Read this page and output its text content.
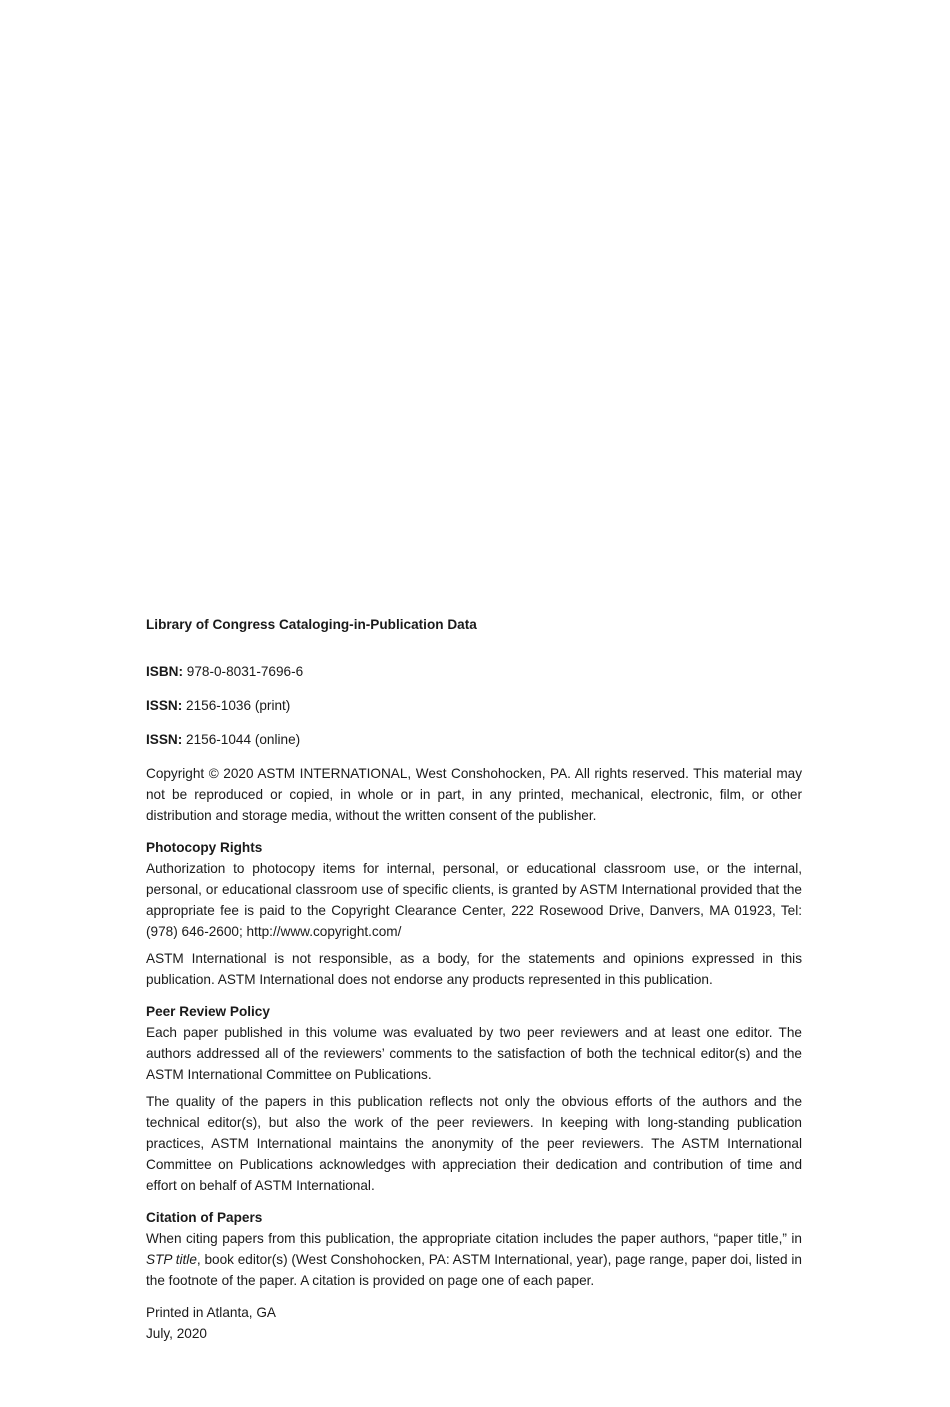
Library of Congress Cataloging-in-Publication Data

ISBN: 978-0-8031-7696-6
ISSN: 2156-1036 (print)
ISSN: 2156-1044 (online)

Copyright © 2020 ASTM INTERNATIONAL, West Conshohocken, PA. All rights reserved. This material may not be reproduced or copied, in whole or in part, in any printed, mechanical, electronic, film, or other distribution and storage media, without the written consent of the publisher.

Photocopy Rights

Authorization to photocopy items for internal, personal, or educational classroom use, or the internal, personal, or educational classroom use of specific clients, is granted by ASTM International provided that the appropriate fee is paid to the Copyright Clearance Center, 222 Rosewood Drive, Danvers, MA 01923, Tel: (978) 646-2600; http://www.copyright.com/

ASTM International is not responsible, as a body, for the statements and opinions expressed in this publication. ASTM International does not endorse any products represented in this publication.

Peer Review Policy

Each paper published in this volume was evaluated by two peer reviewers and at least one editor. The authors addressed all of the reviewers’ comments to the satisfaction of both the technical editor(s) and the ASTM International Committee on Publications.

The quality of the papers in this publication reflects not only the obvious efforts of the authors and the technical editor(s), but also the work of the peer reviewers. In keeping with long-standing publication practices, ASTM International maintains the anonymity of the peer reviewers. The ASTM International Committee on Publications acknowledges with appreciation their dedication and contribution of time and effort on behalf of ASTM International.

Citation of Papers

When citing papers from this publication, the appropriate citation includes the paper authors, “paper title,” in STP title, book editor(s) (West Conshohocken, PA: ASTM International, year), page range, paper doi, listed in the footnote of the paper. A citation is provided on page one of each paper.

Printed in Atlanta, GA
July, 2020
